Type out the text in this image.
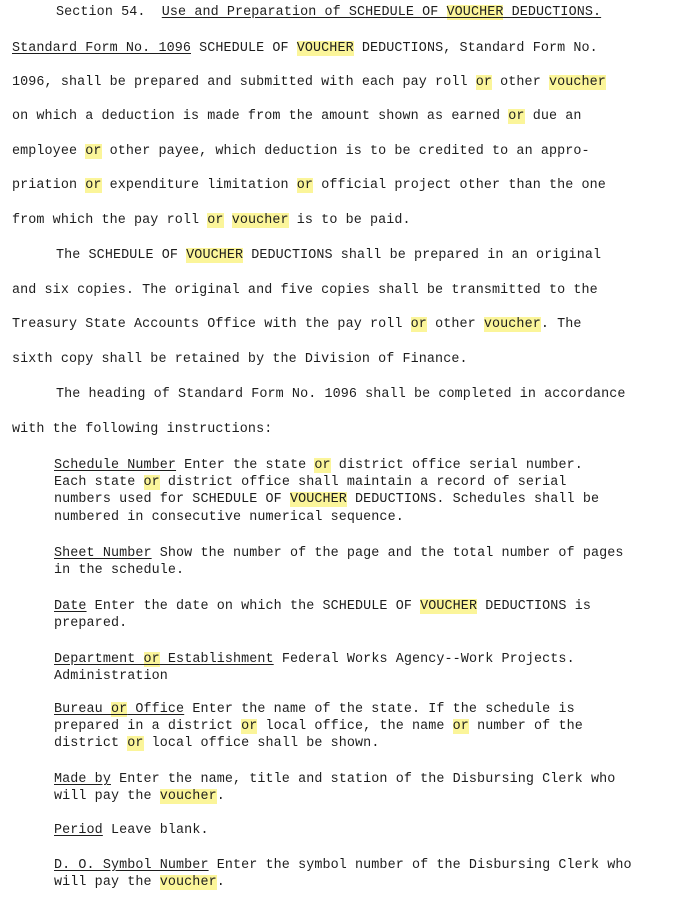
Section 54. Use and Preparation of SCHEDULE OF VOUCHER DEDUCTIONS.
Standard Form No. 1096 SCHEDULE OF VOUCHER DEDUCTIONS, Standard Form No.
1096, shall be prepared and submitted with each pay roll or other voucher
on which a deduction is made from the amount shown as earned or due an
employee or other payee, which deduction is to be credited to an appro-
priation or expenditure limitation or official project other than the one
from which the pay roll or voucher is to be paid.
The SCHEDULE OF VOUCHER DEDUCTIONS shall be prepared in an original
and six copies. The original and five copies shall be transmitted to the
Treasury State Accounts Office with the pay roll or other voucher. The
sixth copy shall be retained by the Division of Finance.
The heading of Standard Form No. 1096 shall be completed in accordance
with the following instructions:
Schedule Number Enter the state or district office serial number.
Each state or district office shall maintain a record of serial
numbers used for SCHEDULE OF VOUCHER DEDUCTIONS. Schedules shall be
numbered in consecutive numerical sequence.
Sheet Number Show the number of the page and the total number of pages
in the schedule.
Date Enter the date on which the SCHEDULE OF VOUCHER DEDUCTIONS is
prepared.
Department or Establishment Federal Works Agency--Work Projects.
Administration
Bureau or Office Enter the name of the state. If the schedule is
prepared in a district or local office, the name or number of the
district or local office shall be shown.
Made by Enter the name, title and station of the Disbursing Clerk who
will pay the voucher.
Period Leave blank.
D. O. Symbol Number Enter the symbol number of the Disbursing Clerk who
will pay the voucher.
